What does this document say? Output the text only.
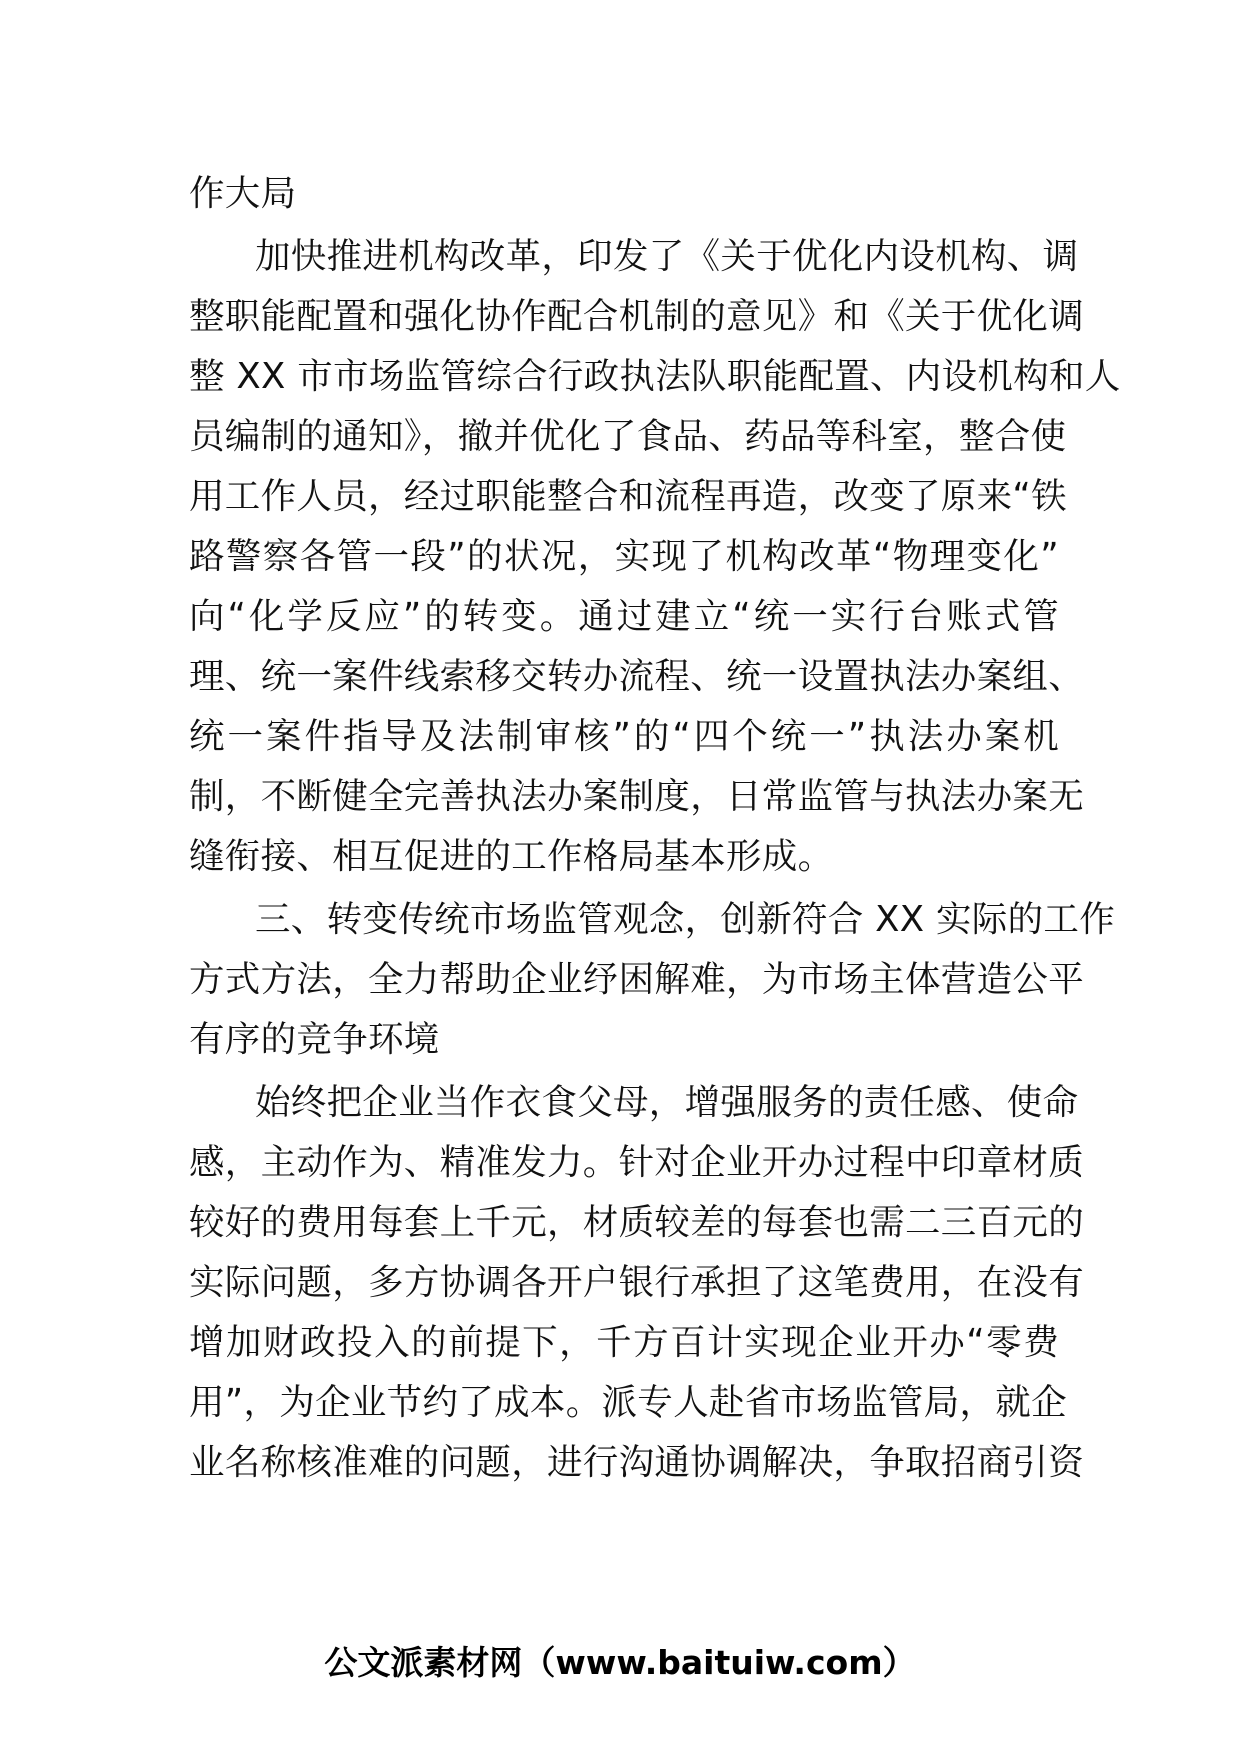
作大局
加快推进机构改革，印发了《关于优化内设机构、调
整职能配置和强化协作配合机制的意见》和《关于优化调
整 XX 市市场监管综合行政执法队职能配置、内设机构和人
员编制的通知》，撤并优化了食品、药品等科室，整合使
用工作人员，经过职能整合和流程再造，改变了原来“铁
路警察各管一段”的状况，实现了机构改革“物理变化”
向“化学反应”的转变。通过建立“统一实行台账式管
理、统一案件线索移交转办流程、统一设置执法办案组、
统一案件指导及法制审核”的“四个统一”执法办案机
制，不断健全完善执法办案制度，日常监管与执法办案无
缝衔接、相互促进的工作格局基本形成。
三、转变传统市场监管观念，创新符合 XX 实际的工作
方式方法，全力帮助企业纾困解难，为市场主体营造公平
有序的竞争环境
始终把企业当作衣食父母，增强服务的责任感、使命
感，主动作为、精准发力。针对企业开办过程中印章材质
较好的费用每套上千元，材质较差的每套也需二三百元的
实际问题，多方协调各开户银行承担了这笔费用，在没有
增加财政投入的前提下，千方百计实现企业开办“零费
用”，为企业节约了成本。派专人赴省市场监管局，就企
业名称核准难的问题，进行沟通协调解决，争取招商引资
公文派素材网（www.baituiw.com）
